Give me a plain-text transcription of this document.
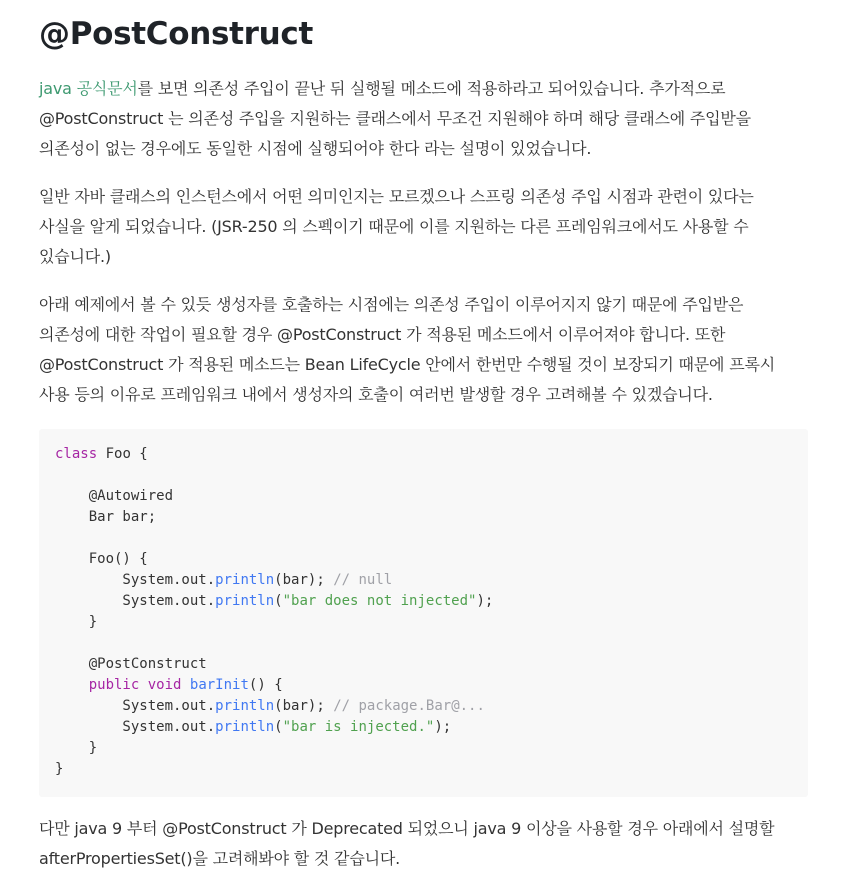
@PostConstruct

java 공식문서를 보면 의존성 주입이 끝난 뒤 실행될 메소드에 적용하라고 되어있습니다. 추가적으로
@PostConstruct 는 의존성 주입을 지원하는 클래스에서 무조건 지원해야 하며 해당 클래스에 주입받을
의존성이 없는 경우에도 동일한 시점에 실행되어야 한다 라는 설명이 있었습니다.

일반 자바 클래스의 인스턴스에서 어떤 의미인지는 모르겠으나 스프링 의존성 주입 시점과 관련이 있다는
사실을 알게 되었습니다. (JSR-250 의 스펙이기 때문에 이를 지원하는 다른 프레임워크에서도 사용할 수
있습니다.)

아래 예제에서 볼 수 있듯 생성자를 호출하는 시점에는 의존성 주입이 이루어지지 않기 때문에 주입받은
의존성에 대한 작업이 필요할 경우 @PostConstruct 가 적용된 메소드에서 이루어져야 합니다. 또한
@PostConstruct 가 적용된 메소드는 Bean LifeCycle 안에서 한번만 수행될 것이 보장되기 때문에 프록시
사용 등의 이유로 프레임워크 내에서 생성자의 호출이 여러번 발생할 경우 고려해볼 수 있겠습니다.

class Foo {
@Autowired
Bar bar;
Foo() {
System.out.println(bar); // null
System.out.println("bar does not injected");
}
@PostConstruct
public void barInit() {
System.out.println(bar); // package.Bar@...
System.out.println("bar is injected.");
}
}

다만 java 9 부터 @PostConstruct 가 Deprecated 되었으니 java 9 이상을 사용할 경우 아래에서 설명할
afterPropertiesSet()을 고려해봐야 할 것 같습니다.
